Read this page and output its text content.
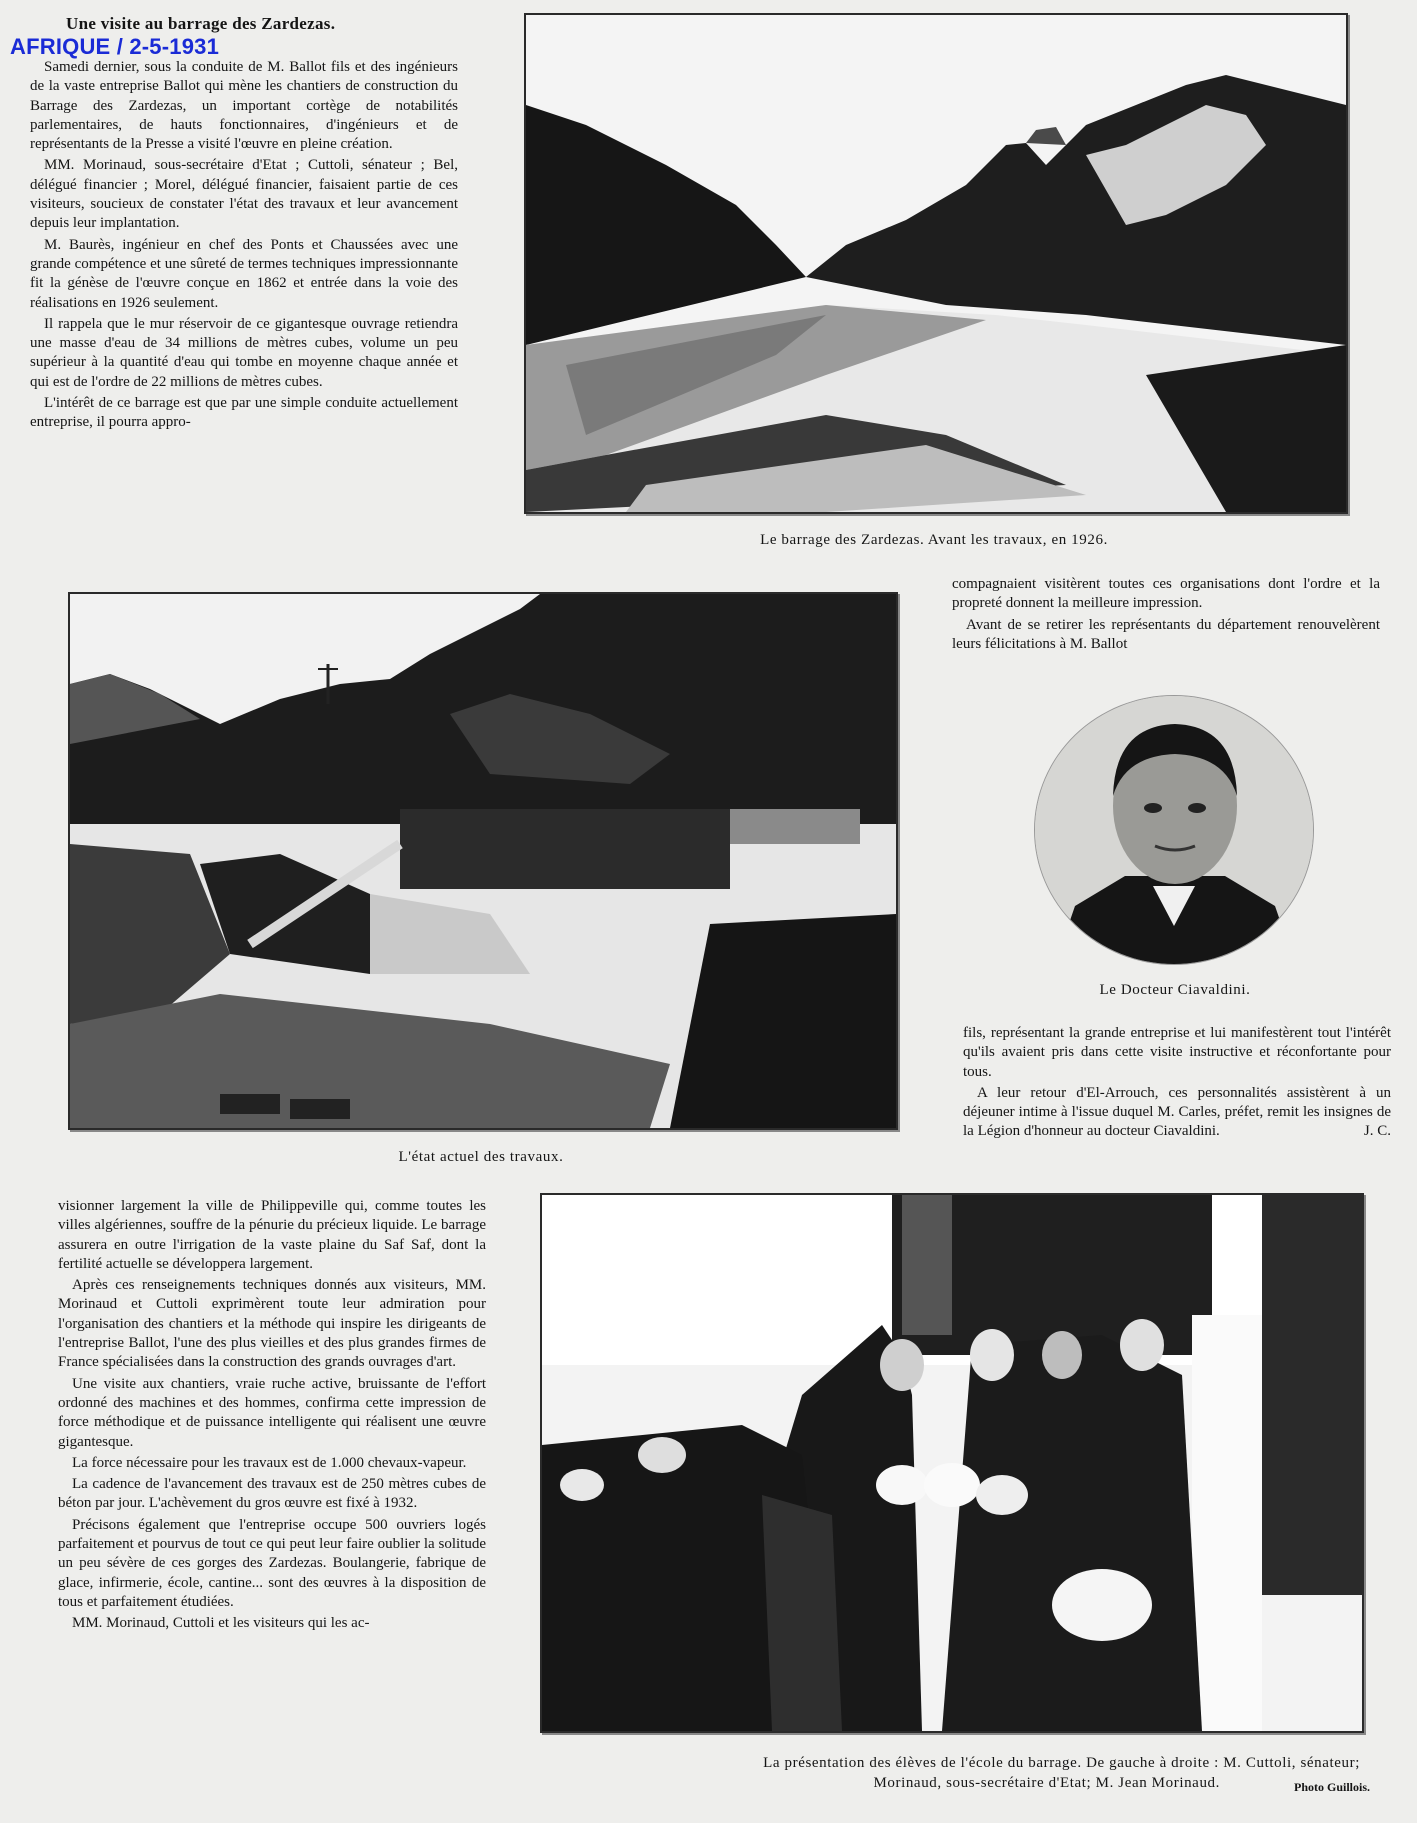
Une visite au barrage des Zardezas.
AFRIQUE / 2-5-1931

Samedi dernier, sous la conduite de M. Ballot fils et des ingénieurs de la vaste entreprise Ballot qui mène les chantiers de construction du Barrage des Zardezas, un important cortège de notabilités parlementaires, de hauts fonctionnaires, d'ingénieurs et de représentants de la Presse a visité l'œuvre en pleine création.

MM. Morinaud, sous-secrétaire d'Etat ; Cuttoli, sénateur ; Bel, délégué financier ; Morel, délégué financier, faisaient partie de ces visiteurs, soucieux de constater l'état des travaux et leur avancement depuis leur implantation.

M. Baurès, ingénieur en chef des Ponts et Chaussées avec une grande compétence et une sûreté de termes techniques impressionnante fit la génèse de l'œuvre conçue en 1862 et entrée dans la voie des réalisations en 1926 seulement.

Il rappela que le mur réservoir de ce gigantesque ouvrage retiendra une masse d'eau de 34 millions de mètres cubes, volume un peu supérieur à la quantité d'eau qui tombe en moyenne chaque année et qui est de l'ordre de 22 millions de mètres cubes.

L'intérêt de ce barrage est que par une simple conduite actuellement entreprise, il pourra appro-

Le barrage des Zardezas. Avant les travaux, en 1926.
L'état actuel des travaux.

compagnaient visitèrent toutes ces organisations dont l'ordre et la propreté donnent la meilleure impression.

Avant de se retirer les représentants du département renouvelèrent leurs félicitations à M. Ballot

Le Docteur Ciavaldini.

fils, représentant la grande entreprise et lui manifestèrent tout l'intérêt qu'ils avaient pris dans cette visite instructive et réconfortante pour tous.

A leur retour d'El-Arrouch, ces personnalités assistèrent à un déjeuner intime à l'issue duquel M. Carles, préfet, remit les insignes de la Légion d'honneur au docteur Ciavaldini.	J. C.

visionner largement la ville de Philippeville qui, comme toutes les villes algériennes, souffre de la pénurie du précieux liquide. Le barrage assurera en outre l'irrigation de la vaste plaine du Saf Saf, dont la fertilité actuelle se développera largement.

Après ces renseignements techniques donnés aux visiteurs, MM. Morinaud et Cuttoli exprimèrent toute leur admiration pour l'organisation des chantiers et la méthode qui inspire les dirigeants de l'entreprise Ballot, l'une des plus vieilles et des plus grandes firmes de France spécialisées dans la construction des grands ouvrages d'art.

Une visite aux chantiers, vraie ruche active, bruissante de l'effort ordonné des machines et des hommes, confirma cette impression de force méthodique et de puissance intelligente qui réalisent une œuvre gigantesque.

La force nécessaire pour les travaux est de 1.000 chevaux-vapeur.

La cadence de l'avancement des travaux est de 250 mètres cubes de béton par jour. L'achèvement du gros œuvre est fixé à 1932.

Précisons également que l'entreprise occupe 500 ouvriers logés parfaitement et pourvus de tout ce qui peut leur faire oublier la solitude un peu sévère de ces gorges des Zardezas. Boulangerie, fabrique de glace, infirmerie, école, cantine... sont des œuvres à la disposition de tous et parfaitement étudiées.

MM. Morinaud, Cuttoli et les visiteurs qui les ac-

La présentation des élèves de l'école du barrage. De gauche à droite : M. Cuttoli, sénateur;
Morinaud, sous-secrétaire d'Etat; M. Jean Morinaud.	Photo Guillois.
